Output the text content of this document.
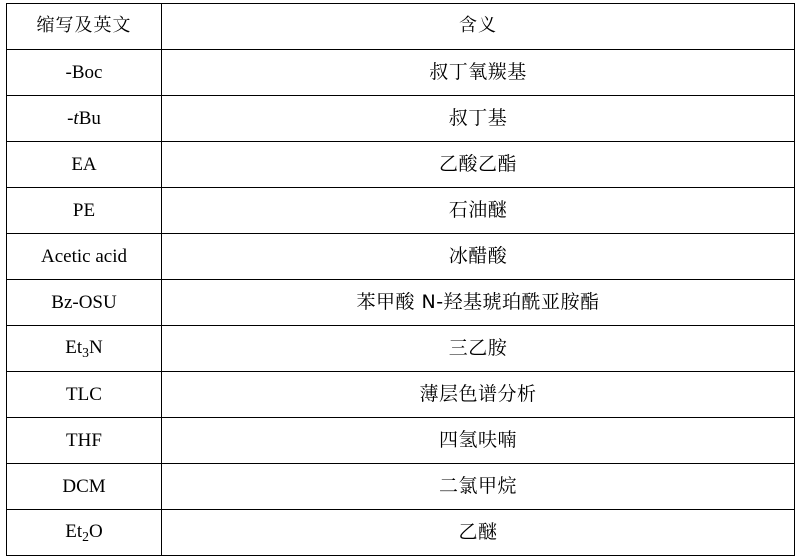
缩写及英文	含义
-Boc	叔丁氧羰基
-tBu	叔丁基
EA	乙酸乙酯
PE	石油醚
Acetic acid	冰醋酸
Bz-OSU	苯甲酸 N-羟基琥珀酰亚胺酯
$Et_3N$	三乙胺
TLC	薄层色谱分析
THF	四氢呋喃
DCM	二氯甲烷
$Et_2O$	乙醚
